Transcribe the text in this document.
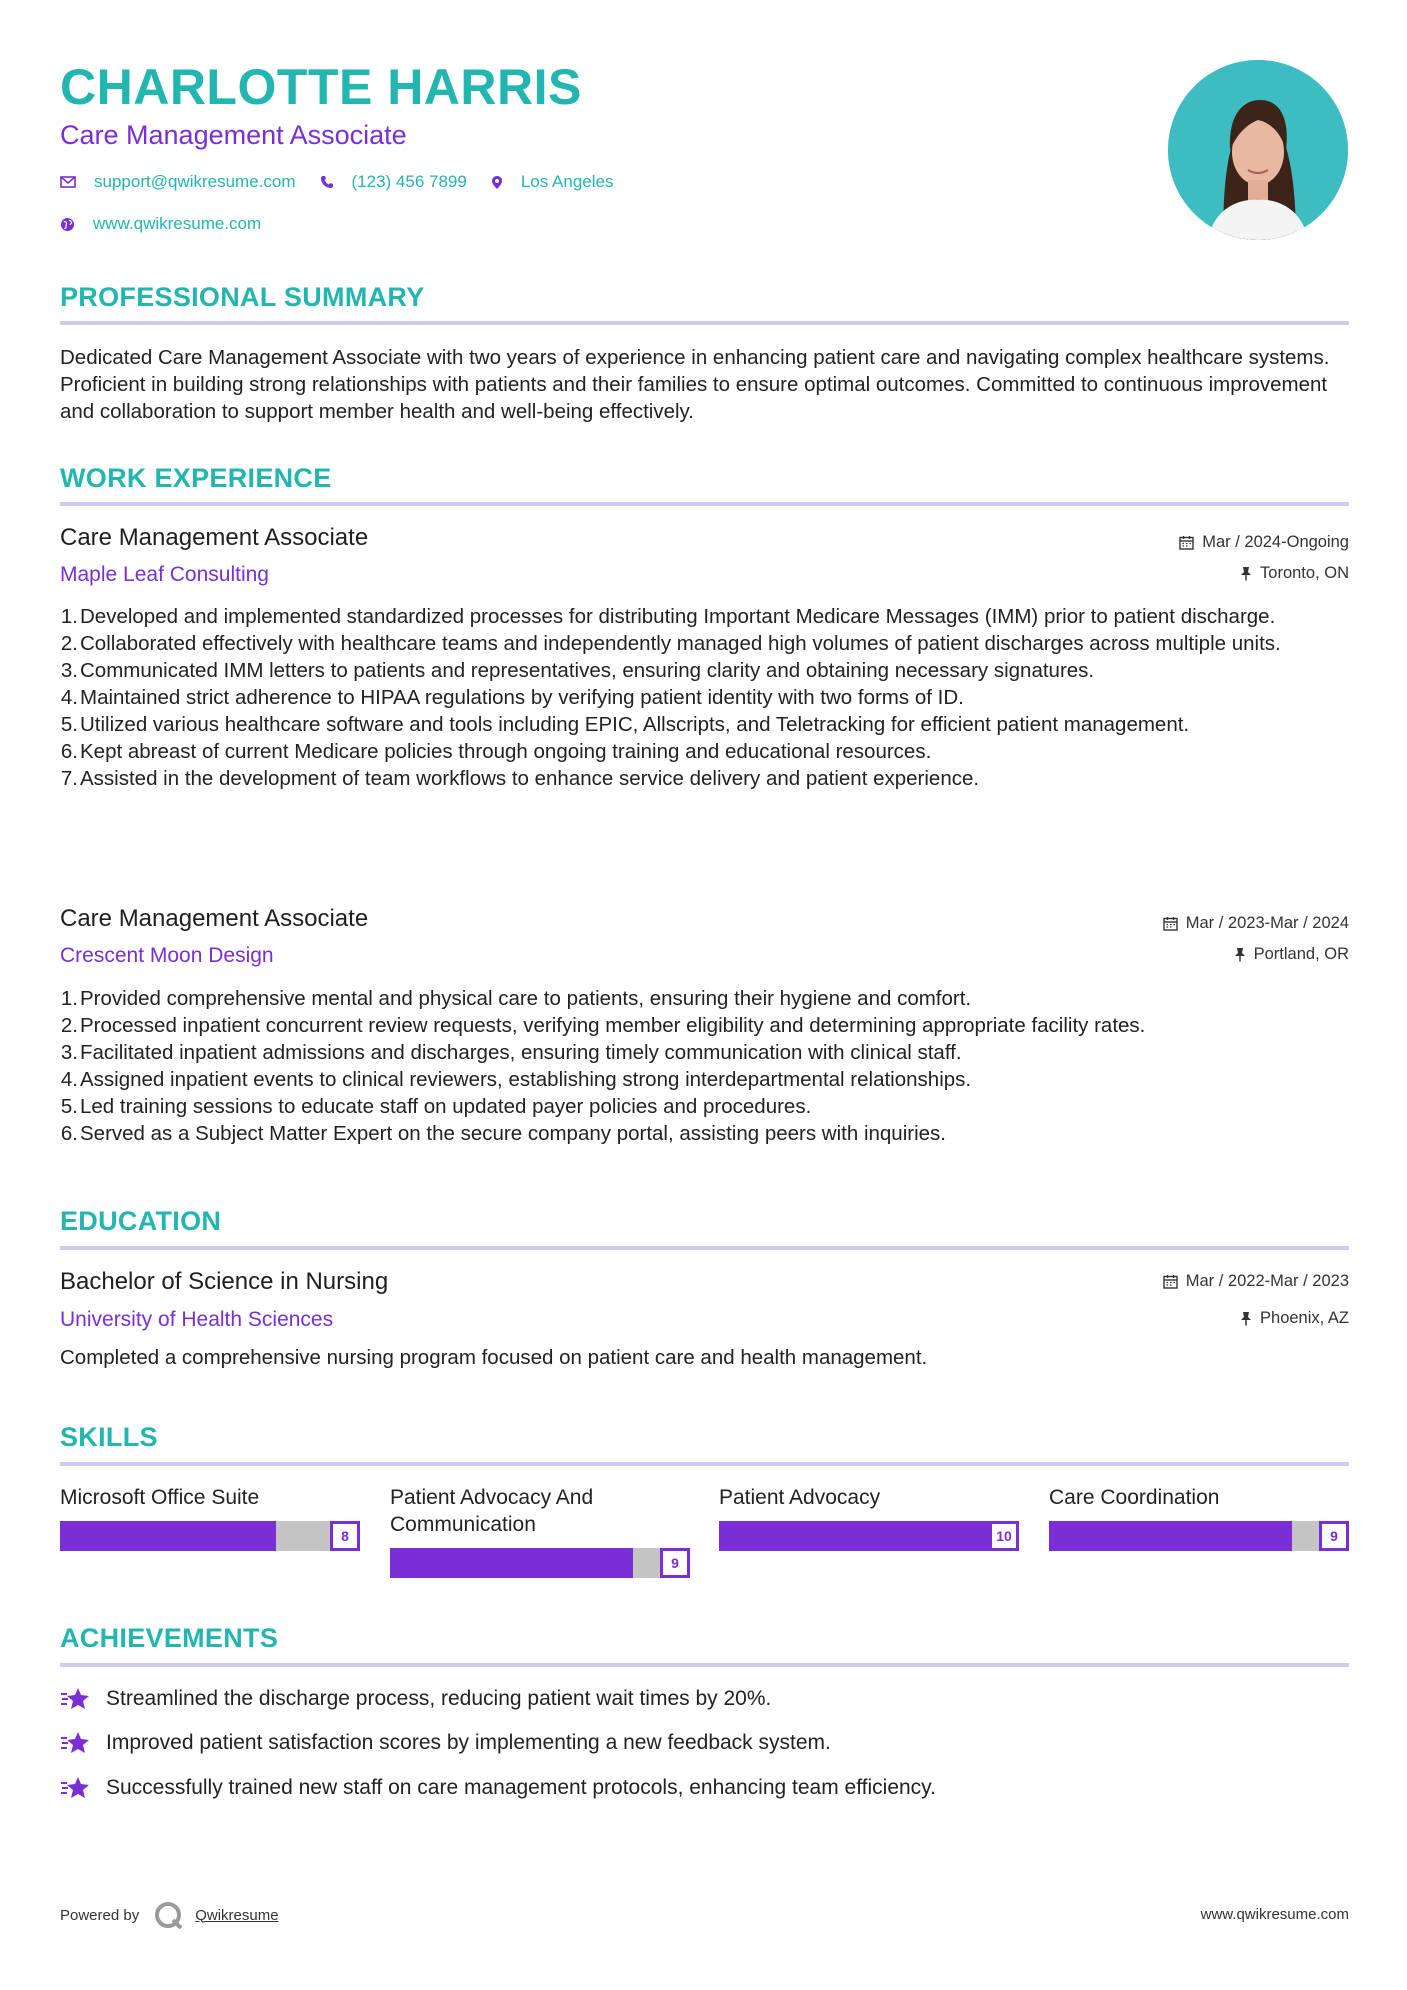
CHARLOTTE HARRIS
Care Management Associate
support@qwikresume.com	(123) 456 7899	Los Angeles
www.qwikresume.com
PROFESSIONAL SUMMARY
Dedicated Care Management Associate with two years of experience in enhancing patient care and navigating complex healthcare systems. Proficient in building strong relationships with patients and their families to ensure optimal outcomes. Committed to continuous improvement and collaboration to support member health and well-being effectively.
WORK EXPERIENCE
Care Management Associate
Maple Leaf Consulting
Mar / 2024-Ongoing
Toronto, ON
1. Developed and implemented standardized processes for distributing Important Medicare Messages (IMM) prior to patient discharge.
2. Collaborated effectively with healthcare teams and independently managed high volumes of patient discharges across multiple units.
3. Communicated IMM letters to patients and representatives, ensuring clarity and obtaining necessary signatures.
4. Maintained strict adherence to HIPAA regulations by verifying patient identity with two forms of ID.
5. Utilized various healthcare software and tools including EPIC, Allscripts, and Teletracking for efficient patient management.
6. Kept abreast of current Medicare policies through ongoing training and educational resources.
7. Assisted in the development of team workflows to enhance service delivery and patient experience.
Care Management Associate
Crescent Moon Design
Mar / 2023-Mar / 2024
Portland, OR
1. Provided comprehensive mental and physical care to patients, ensuring their hygiene and comfort.
2. Processed inpatient concurrent review requests, verifying member eligibility and determining appropriate facility rates.
3. Facilitated inpatient admissions and discharges, ensuring timely communication with clinical staff.
4. Assigned inpatient events to clinical reviewers, establishing strong interdepartmental relationships.
5. Led training sessions to educate staff on updated payer policies and procedures.
6. Served as a Subject Matter Expert on the secure company portal, assisting peers with inquiries.
EDUCATION
Bachelor of Science in Nursing
University of Health Sciences
Mar / 2022-Mar / 2023
Phoenix, AZ
Completed a comprehensive nursing program focused on patient care and health management.
SKILLS
Microsoft Office Suite
8
Patient Advocacy And Communication
9
Patient Advocacy
10
Care Coordination
9
ACHIEVEMENTS
Streamlined the discharge process, reducing patient wait times by 20%.
Improved patient satisfaction scores by implementing a new feedback system.
Successfully trained new staff on care management protocols, enhancing team efficiency.
Powered by	Qwikresume	www.qwikresume.com
